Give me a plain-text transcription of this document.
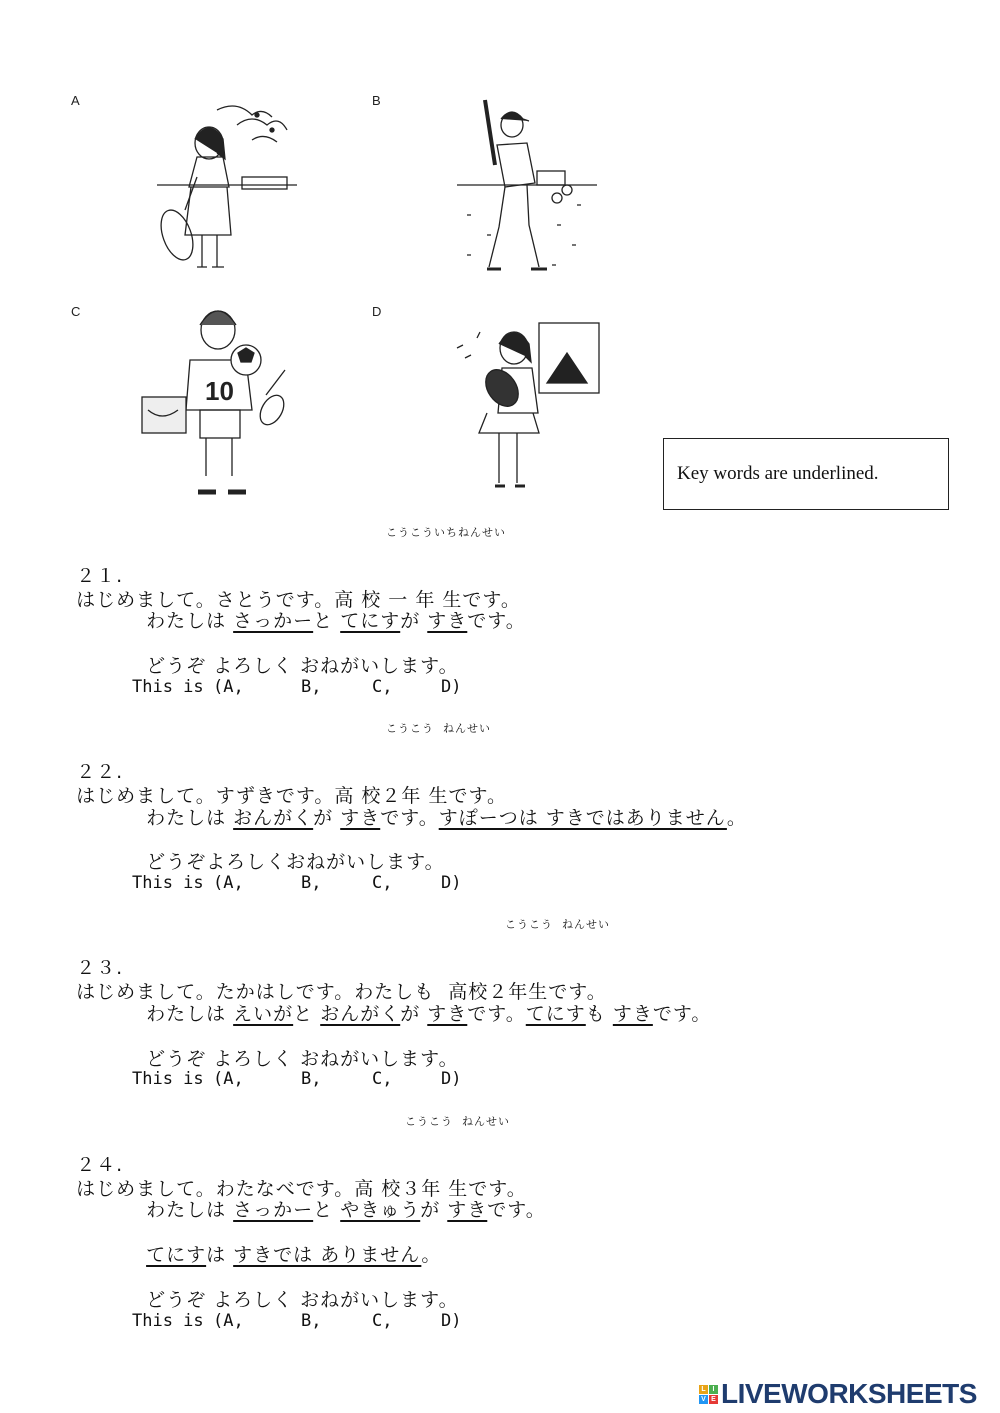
A	B
C	D
10
Key words are underlined.
こうこういちねんせい

２１.
はじめまして。さとうです。高 校 一 年 生です。

わたしは さっかーと てにすが すきです。

どうぞ よろしく おねがいします。

This is (A,	B,	C,	D)
こうこう  ねんせい

２２.
はじめまして。すずきです。高 校２年 生です。

わたしは おんがくが すきです。すぽーつは すきではありません。

どうぞよろしくおねがいします。

This is (A,	B,	C,	D)
こうこう  ねんせい

２３.
はじめまして。たかはしです。わたしも  高校２年生です。

わたしは えいがと おんがくが すきです。てにすも すきです。

どうぞ よろしく おねがいします。

This is (A,	B,	C,	D)
こうこう  ねんせい

２４.
はじめまして。わたなべです。高 校３年 生です。

わたしは さっかーと やきゅうが すきです。

てにすは すきでは ありません。

どうぞ よろしく おねがいします。

This is (A,	B,	C,	D)
L I
V E LIVEWORKSHEETS
